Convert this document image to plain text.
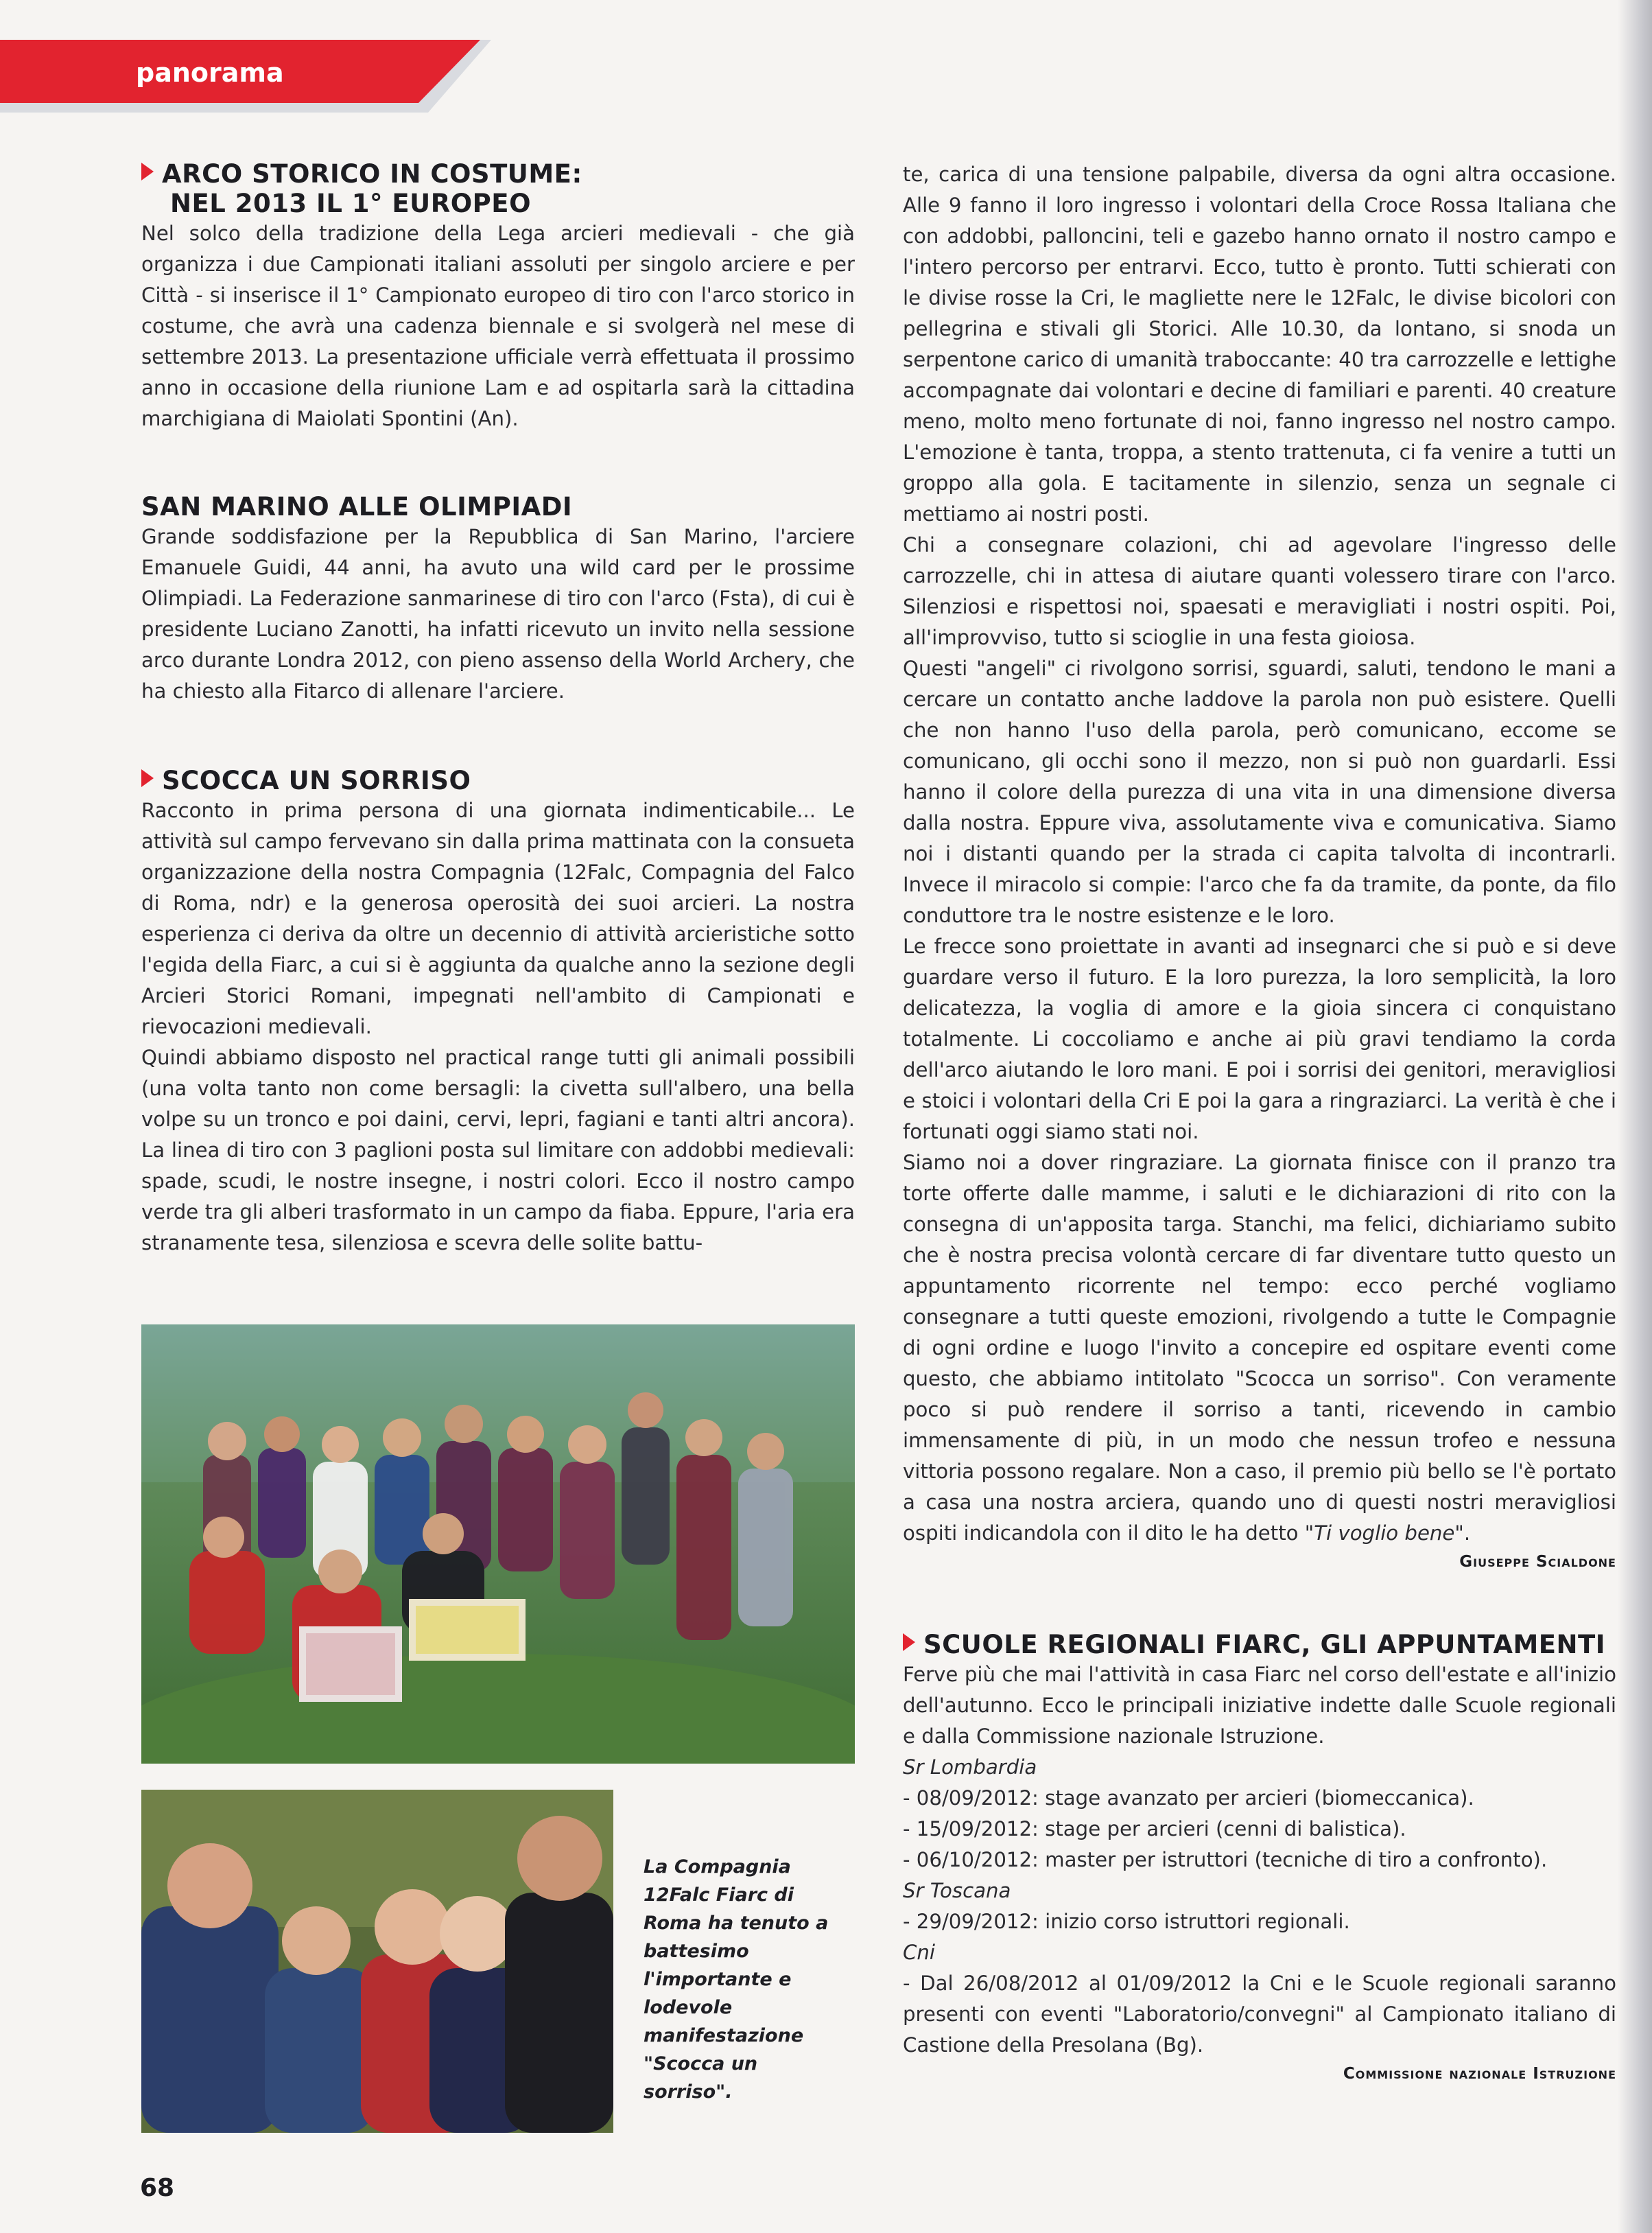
panorama

ARCO STORICO IN COSTUME:
NEL 2013 IL 1° EUROPEO

Nel solco della tradizione della Lega arcieri medievali - che già organizza i due Campionati italiani assoluti per singolo arciere e per Città - si inserisce il 1° Campionato europeo di tiro con l'arco storico in costume, che avrà una cadenza biennale e si svolgerà nel mese di settembre 2013. La presentazione ufficiale verrà effettuata il prossimo anno in occasione della riunione Lam e ad ospitarla sarà la cittadina marchigiana di Maiolati Spontini (An).

SAN MARINO ALLE OLIMPIADI

Grande soddisfazione per la Repubblica di San Marino, l'arciere Emanuele Guidi, 44 anni, ha avuto una wild card per le prossime Olimpiadi. La Federazione sanmarinese di tiro con l'arco (Fsta), di cui è presidente Luciano Zanotti, ha infatti ricevuto un invito nella sessione arco durante Londra 2012, con pieno assenso della World Archery, che ha chiesto alla Fitarco di allenare l'arciere.

SCOCCA UN SORRISO

Racconto in prima persona di una giornata indimenticabile... Le attività sul campo fervevano sin dalla prima mattinata con la consueta organizzazione della nostra Compagnia (12Falc, Compagnia del Falco di Roma, ndr) e la generosa operosità dei suoi arcieri. La nostra esperienza ci deriva da oltre un decennio di attività arcieristiche sotto l'egida della Fiarc, a cui si è aggiunta da qualche anno la sezione degli Arcieri Storici Romani, impegnati nell'ambito di Campionati e rievocazioni medievali.

Quindi abbiamo disposto nel practical range tutti gli animali possibili (una volta tanto non come bersagli: la civetta sull'albero, una bella volpe su un tronco e poi daini, cervi, lepri, fagiani e tanti altri ancora). La linea di tiro con 3 paglioni posta sul limitare con addobbi medievali: spade, scudi, le nostre insegne, i nostri colori. Ecco il nostro campo verde tra gli alberi trasformato in un campo da fiaba. Eppure, l'aria era stranamente tesa, silenziosa e scevra delle solite battu-

La Compagnia 12Falc Fiarc di Roma ha tenuto a battesimo l'importante e lodevole manifestazione "Scocca un sorriso".

te, carica di una tensione palpabile, diversa da ogni altra occasione. Alle 9 fanno il loro ingresso i volontari della Croce Rossa Italiana che con addobbi, palloncini, teli e gazebo hanno ornato il nostro campo e l'intero percorso per entrarvi. Ecco, tutto è pronto. Tutti schierati con le divise rosse la Cri, le magliette nere le 12Falc, le divise bicolori con pellegrina e stivali gli Storici. Alle 10.30, da lontano, si snoda un serpentone carico di umanità traboccante: 40 tra carrozzelle e lettighe accompagnate dai volontari e decine di familiari e parenti. 40 creature meno, molto meno fortunate di noi, fanno ingresso nel nostro campo. L'emozione è tanta, troppa, a stento trattenuta, ci fa venire a tutti un groppo alla gola. E tacitamente in silenzio, senza un segnale ci mettiamo ai nostri posti.

Chi a consegnare colazioni, chi ad agevolare l'ingresso delle carrozzelle, chi in attesa di aiutare quanti volessero tirare con l'arco. Silenziosi e rispettosi noi, spaesati e meravigliati i nostri ospiti. Poi, all'improvviso, tutto si scioglie in una festa gioiosa.

Questi "angeli" ci rivolgono sorrisi, sguardi, saluti, tendono le mani a cercare un contatto anche laddove la parola non può esistere. Quelli che non hanno l'uso della parola, però comunicano, eccome se comunicano, gli occhi sono il mezzo, non si può non guardarli. Essi hanno il colore della purezza di una vita in una dimensione diversa dalla nostra. Eppure viva, assolutamente viva e comunicativa. Siamo noi i distanti quando per la strada ci capita talvolta di incontrarli. Invece il miracolo si compie: l'arco che fa da tramite, da ponte, da filo conduttore tra le nostre esistenze e le loro.

Le frecce sono proiettate in avanti ad insegnarci che si può e si deve guardare verso il futuro. E la loro purezza, la loro semplicità, la loro delicatezza, la voglia di amore e la gioia sincera ci conquistano totalmente. Li coccoliamo e anche ai più gravi tendiamo la corda dell'arco aiutando le loro mani. E poi i sorrisi dei genitori, meravigliosi e stoici i volontari della Cri E poi la gara a ringraziarci. La verità è che i fortunati oggi siamo stati noi.

Siamo noi a dover ringraziare. La giornata finisce con il pranzo tra torte offerte dalle mamme, i saluti e le dichiarazioni di rito con la consegna di un'apposita targa. Stanchi, ma felici, dichiariamo subito che è nostra precisa volontà cercare di far diventare tutto questo un appuntamento ricorrente nel tempo: ecco perché vogliamo consegnare a tutti queste emozioni, rivolgendo a tutte le Compagnie di ogni ordine e luogo l'invito a concepire ed ospitare eventi come questo, che abbiamo intitolato "Scocca un sorriso". Con veramente poco si può rendere il sorriso a tanti, ricevendo in cambio immensamente di più, in un modo che nessun trofeo e nessuna vittoria possono regalare. Non a caso, il premio più bello se l'è portato a casa una nostra arciera, quando uno di questi nostri meravigliosi ospiti indicandola con il dito le ha detto "Ti voglio bene".

Giuseppe Scialdone
SCUOLE REGIONALI FIARC, GLI APPUNTAMENTI

Ferve più che mai l'attività in casa Fiarc nel corso dell'estate e all'inizio dell'autunno. Ecco le principali iniziative indette dalle Scuole regionali e dalla Commissione nazionale Istruzione.

Sr Lombardia
- 08/09/2012: stage avanzato per arcieri (biomeccanica).
- 15/09/2012: stage per arcieri (cenni di balistica).
- 06/10/2012: master per istruttori (tecniche di tiro a confronto).
Sr Toscana
- 29/09/2012: inizio corso istruttori regionali.
Cni

- Dal 26/08/2012 al 01/09/2012 la Cni e le Scuole regionali saranno presenti con eventi "Laboratorio/convegni" al Campionato italiano di Castione della Presolana (Bg).

Commissione nazionale Istruzione

68
